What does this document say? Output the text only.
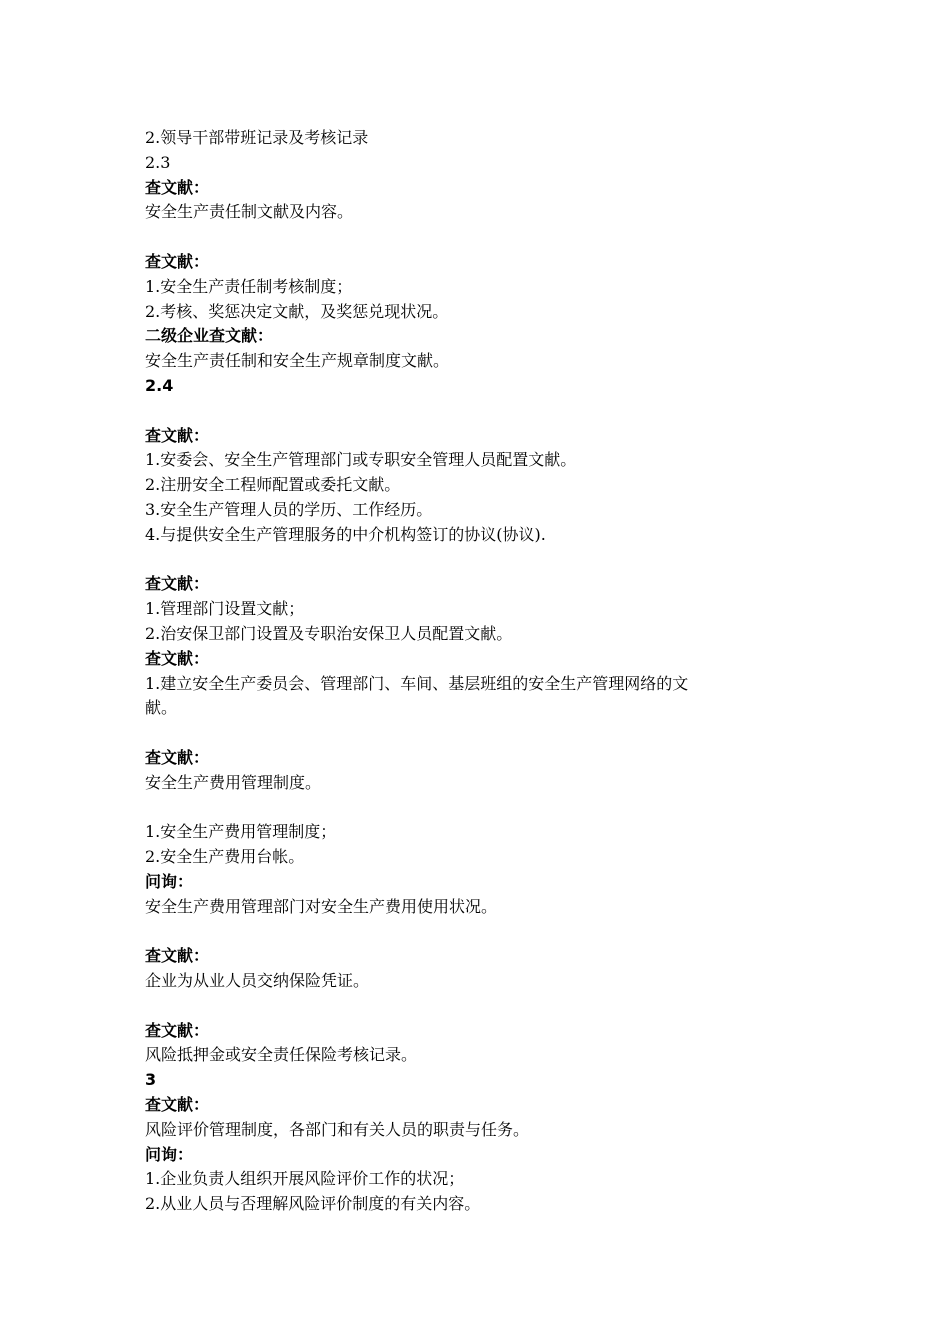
2.领导干部带班记录及考核记录

2.3

查文献：

安全生产责任制文献及内容。

查文献：

1.安全生产责任制考核制度；

2.考核、奖惩决定文献，及奖惩兑现状况。

二级企业查文献：

安全生产责任制和安全生产规章制度文献。

2.4

查文献：

1.安委会、安全生产管理部门或专职安全管理人员配置文献。

2.注册安全工程师配置或委托文献。

3.安全生产管理人员的学历、工作经历。

4.与提供安全生产管理服务的中介机构签订的协议(协议).

查文献：

1.管理部门设置文献；

2.治安保卫部门设置及专职治安保卫人员配置文献。

查文献：

1.建立安全生产委员会、管理部门、车间、基层班组的安全生产管理网络的文

献。

查文献：

安全生产费用管理制度。

1.安全生产费用管理制度；

2.安全生产费用台帐。

问询：

安全生产费用管理部门对安全生产费用使用状况。

查文献：

企业为从业人员交纳保险凭证。

查文献：

风险抵押金或安全责任保险考核记录。

3

查文献：

风险评价管理制度，各部门和有关人员的职责与任务。

问询：

1.企业负责人组织开展风险评价工作的状况；

2.从业人员与否理解风险评价制度的有关内容。
